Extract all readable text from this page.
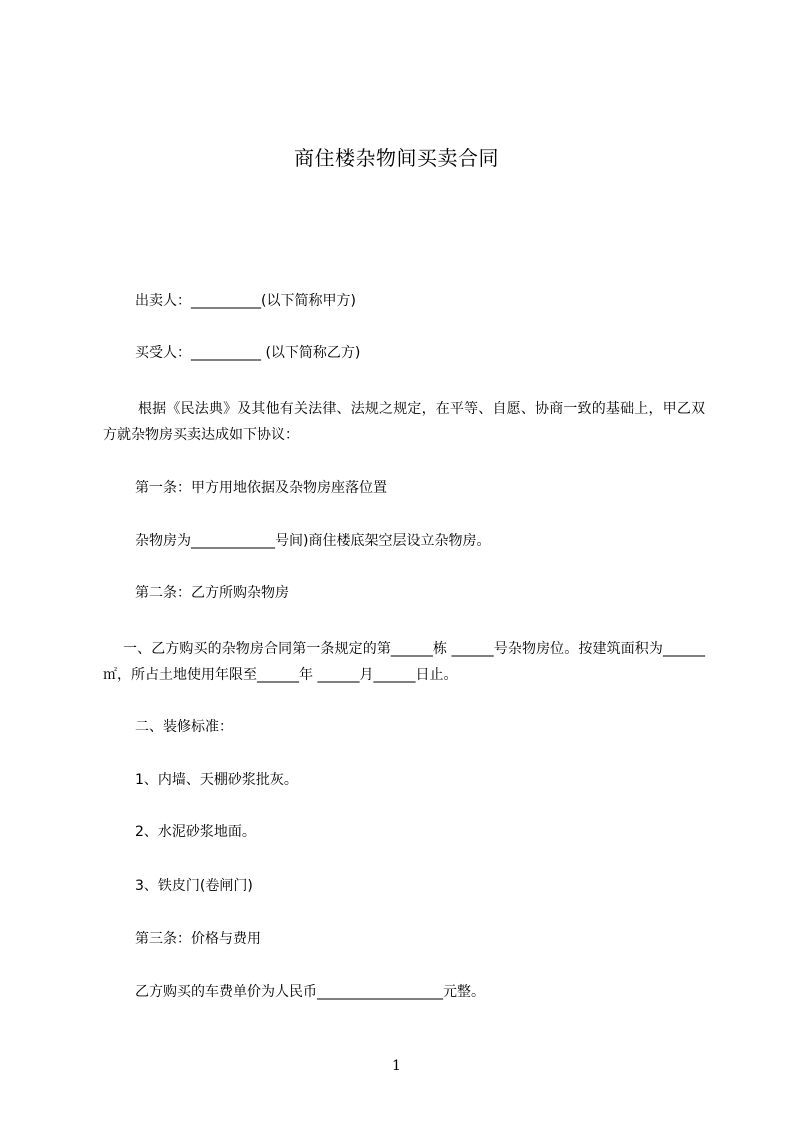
商住楼杂物间买卖合同
出卖人：__________(以下简称甲方)
买受人：__________ (以下简称乙方)
根据《民法典》及其他有关法律、法规之规定，在平等、自愿、协商一致的基础上，甲乙双方就杂物房买卖达成如下协议：
第一条：甲方用地依据及杂物房座落位置
杂物房为____________号间)商住楼底架空层设立杂物房。
第二条：乙方所购杂物房
一、乙方购买的杂物房合同第一条规定的第______栋 ______号杂物房位。按建筑面积为______ ㎡，所占土地使用年限至______年 ______月______日止。
二、装修标准：
1、内墙、天棚砂浆批灰。
2、水泥砂浆地面。
3、铁皮门(卷闸门)
第三条：价格与费用
乙方购买的车费单价为人民币__________________元整。
1
